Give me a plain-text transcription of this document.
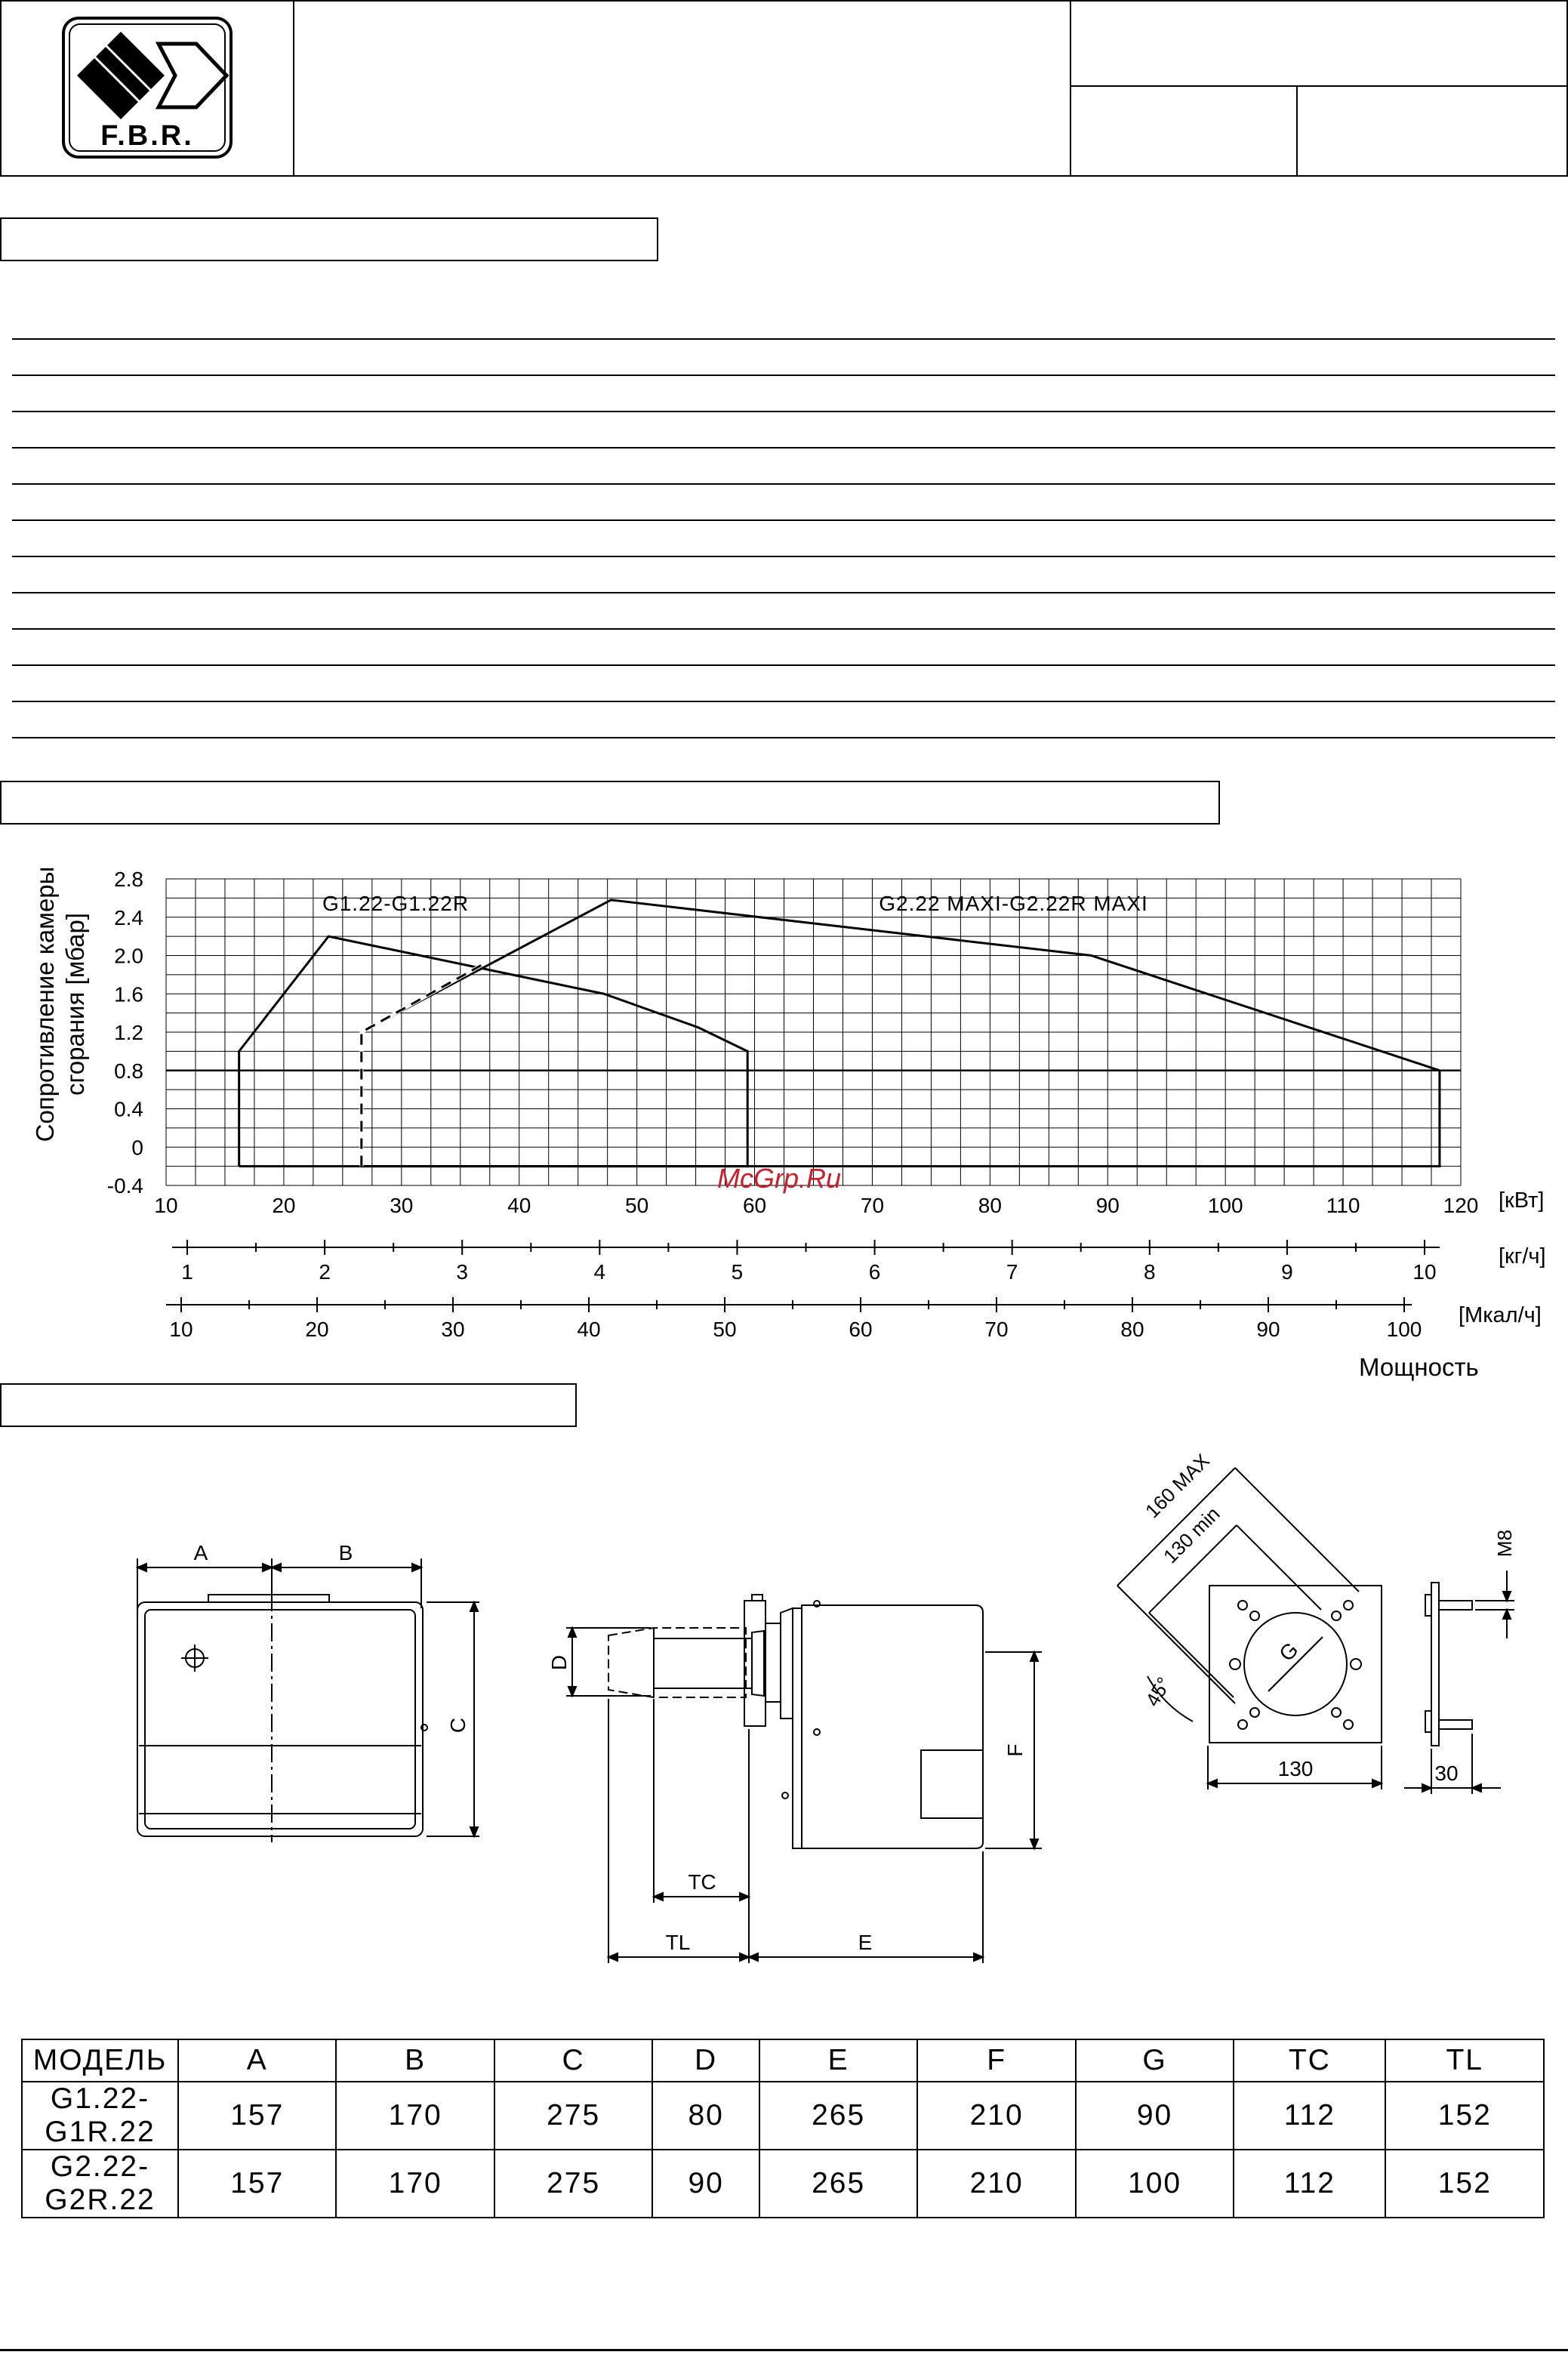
F.B.R.
Сопротивление камеры сгорания [мбар]
2.8
2.4
2.0
1.6
1.2
0.8
0.4
0
-0.4
G1.22-G1.22R	G2.22 MAXI-G2.22R MAXI
10	20	30	40	50	60	70	80	90	100	110	120
1	2	3	4	5	6	7	8	9	10
10	20	30	40	50	60	70	80	90	100
McGrp.Ru
[кВт]
[кг/ч]
[Мкал/ч]
Мощность
A	B
C
D
F
TC
TL	E
160 MAX
130 min
G
45°
130
M8
30
МОДЕЛЬ	A	B	C	D	E	F	G	TC	TL
G1.22-G1R.22	157	170	275	80	265	210	90	112	152
G2.22-G2R.22	157	170	275	90	265	210	100	112	152
